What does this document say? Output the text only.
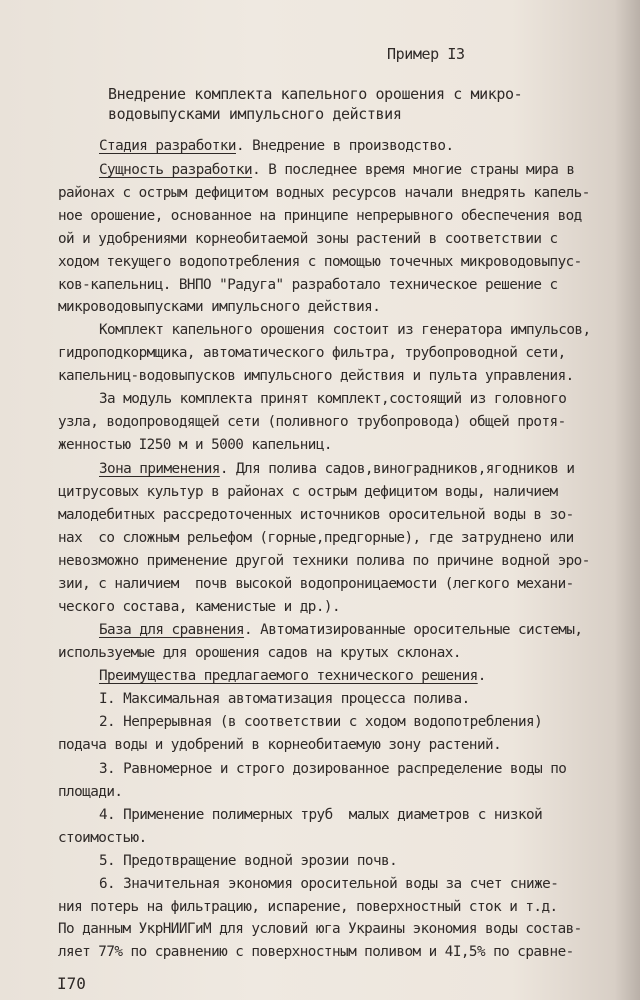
Пример I3
Внедрение комплекта капельного орошения с микро-
водовыпусками импульсного действия
Стадия разработки. Внедрение в производство.
Сущность разработки. В последнее время многие страны мира в
районах с острым дефицитом водных ресурсов начали внедрять капель-
ное орошение, основанное на принципе непрерывного обеспечения вод
ой и удобрениями корнеобитаемой зоны растений в соответствии с
ходом текущего водопотребления с помощью точечных микроводовыпус-
ков-капельниц. ВНПО "Радуга" разработало техническое решение с
микроводовыпусками импульсного действия.
Комплект капельного орошения состоит из генератора импульсов,
гидроподкормщика, автоматического фильтра, трубопроводной сети,
капельниц-водовыпусков импульсного действия и пульта управления.
За модуль комплекта принят комплект,состоящий из головного
узла, водопроводящей сети (поливного трубопровода) общей протя-
женностью I250 м и 5000 капельниц.
Зона применения. Для полива садов,виноградников,ягодников и
цитрусовых культур в районах с острым дефицитом воды, наличием
малодебитных рассредоточенных источников оросительной воды в зо-
нах  со сложным рельефом (горные,предгорные), где затруднено или
невозможно применение другой техники полива по причине водной эро-
зии, с наличием  почв высокой водопроницаемости (легкого механи-
ческого состава, каменистые и др.).
База для сравнения. Автоматизированные оросительные системы,
используемые для орошения садов на крутых склонах.
Преимущества предлагаемого технического решения.
I. Максимальная автоматизация процесса полива.
2. Непрерывная (в соответствии с ходом водопотребления)
подача воды и удобрений в корнеобитаемую зону растений.
3. Равномерное и строго дозированное распределение воды по
площади.
4. Применение полимерных труб  малых диаметров с низкой
стоимостью.
5. Предотвращение водной эрозии почв.
6. Значительная экономия оросительной воды за счет сниже-
ния потерь на фильтрацию, испарение, поверхностный сток и т.д.
По данным УкрНИИГиМ для условий юга Украины экономия воды состав-
ляет 77% по сравнению с поверхностным поливом и 4I,5% по сравне-
I70
